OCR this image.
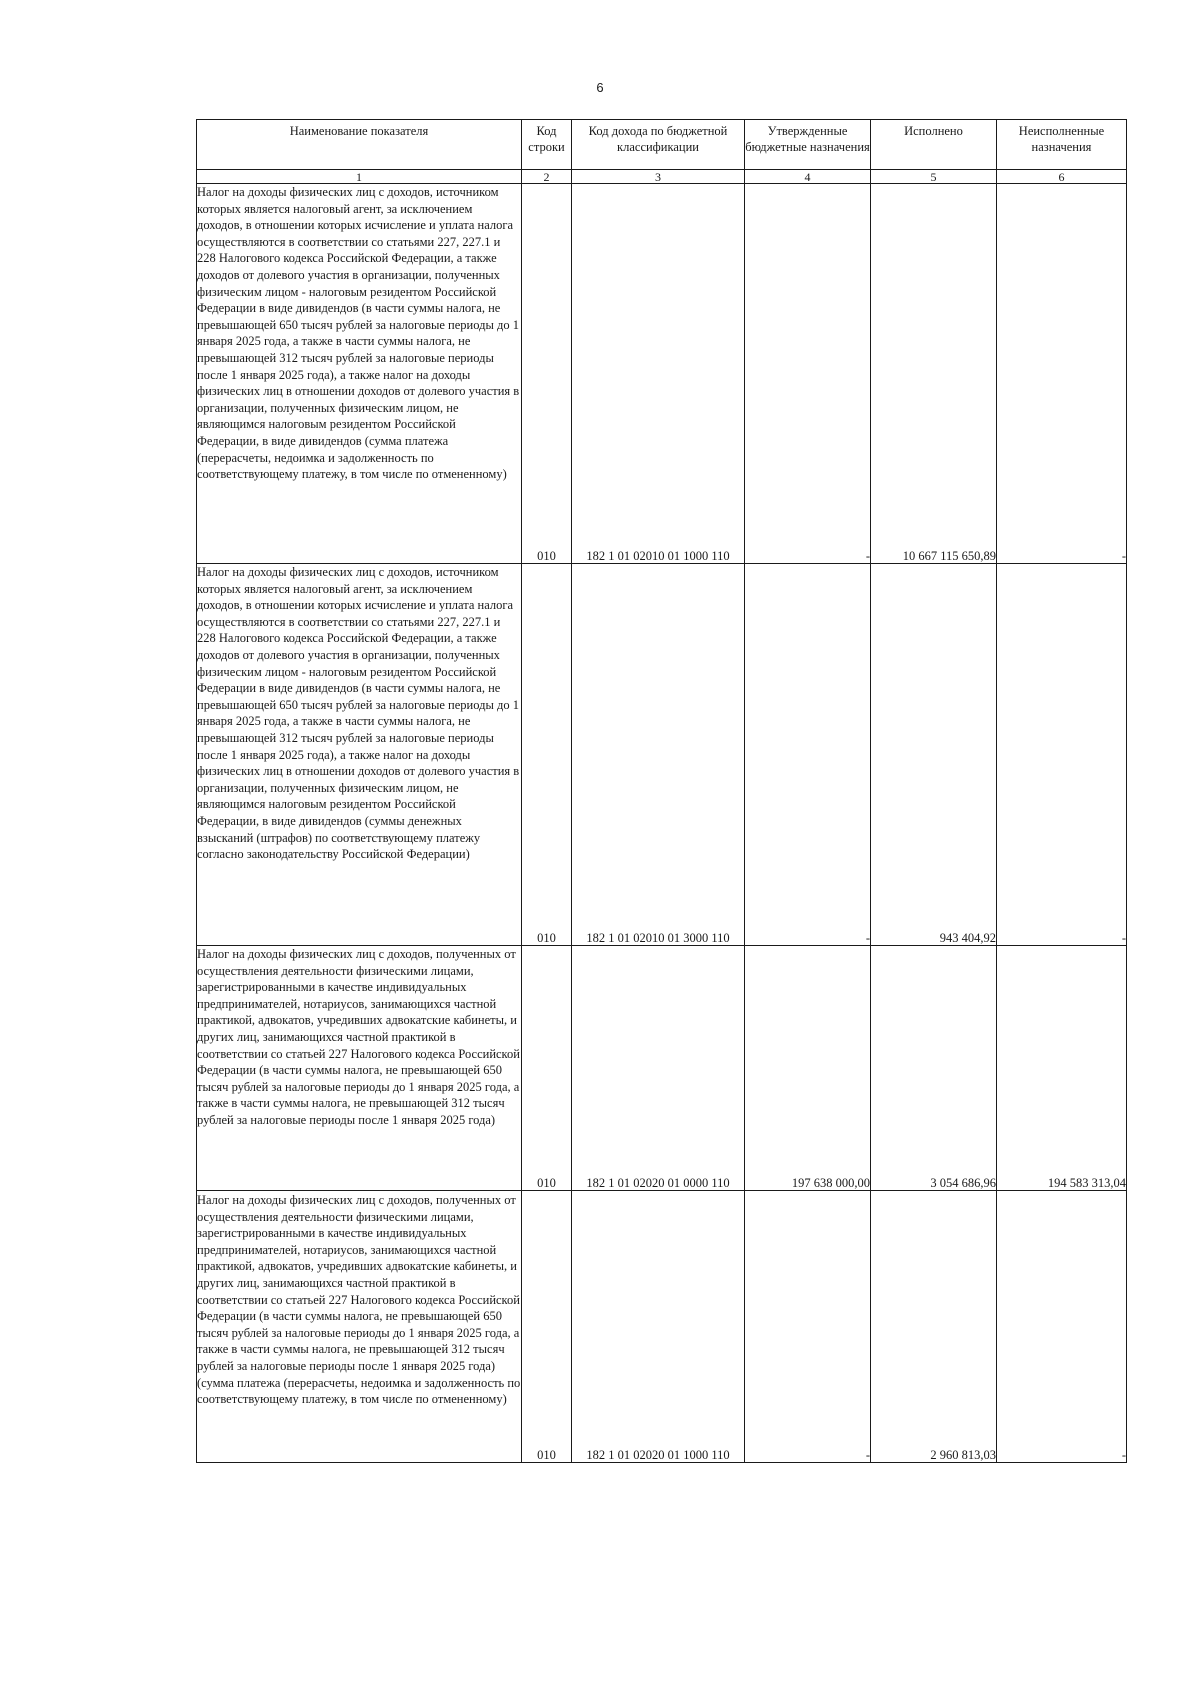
6
Наименование показателя	Код строки	Код дохода по бюджетной классификации	Утвержденные бюджетные назначения	Исполнено	Неисполненные назначения
1	2	3	4	5	6
Налог на доходы физических лиц с доходов, источником которых является налоговый агент, за исключением доходов, в отношении которых исчисление и уплата налога осуществляются в соответствии со статьями 227, 227.1 и 228 Налогового кодекса Российской Федерации, а также доходов от долевого участия в организации, полученных физическим лицом - налоговым резидентом Российской Федерации в виде дивидендов (в части суммы налога, не превышающей 650 тысяч рублей за налоговые периоды до 1 января 2025 года, а также в части суммы налога, не превышающей 312 тысяч рублей за налоговые периоды после 1 января 2025 года), а также налог на доходы физических лиц в отношении доходов от долевого участия в организации, полученных физическим лицом, не являющимся налоговым резидентом Российской Федерации, в виде дивидендов (сумма платежа (перерасчеты, недоимка и задолженность по соответствующему платежу, в том числе по отмененному)	010	182 1 01 02010 01 1000 110	-	10 667 115 650,89	-
Налог на доходы физических лиц с доходов, источником которых является налоговый агент, за исключением доходов, в отношении которых исчисление и уплата налога осуществляются в соответствии со статьями 227, 227.1 и 228 Налогового кодекса Российской Федерации, а также доходов от долевого участия в организации, полученных физическим лицом - налоговым резидентом Российской Федерации в виде дивидендов (в части суммы налога, не превышающей 650 тысяч рублей за налоговые периоды до 1 января 2025 года, а также в части суммы налога, не превышающей 312 тысяч рублей за налоговые периоды после 1 января 2025 года), а также налог на доходы физических лиц в отношении доходов от долевого участия в организации, полученных физическим лицом, не являющимся налоговым резидентом Российской Федерации, в виде дивидендов (суммы денежных взысканий (штрафов) по соответствующему платежу согласно законодательству Российской Федерации)	010	182 1 01 02010 01 3000 110	-	943 404,92	-
Налог на доходы физических лиц с доходов, полученных от осуществления деятельности физическими лицами, зарегистрированными в качестве индивидуальных предпринимателей, нотариусов, занимающихся частной практикой, адвокатов, учредивших адвокатские кабинеты, и других лиц, занимающихся частной практикой в соответствии со статьей 227 Налогового кодекса Российской Федерации (в части суммы налога, не превышающей 650 тысяч рублей за налоговые периоды до 1 января 2025 года, а также в части суммы налога, не превышающей 312 тысяч рублей за налоговые периоды после 1 января 2025 года)	010	182 1 01 02020 01 0000 110	197 638 000,00	3 054 686,96	194 583 313,04
Налог на доходы физических лиц с доходов, полученных от осуществления деятельности физическими лицами, зарегистрированными в качестве индивидуальных предпринимателей, нотариусов, занимающихся частной практикой, адвокатов, учредивших адвокатские кабинеты, и других лиц, занимающихся частной практикой в соответствии со статьей 227 Налогового кодекса Российской Федерации (в части суммы налога, не превышающей 650 тысяч рублей за налоговые периоды до 1 января 2025 года, а также в части суммы налога, не превышающей 312 тысяч рублей за налоговые периоды после 1 января 2025 года) (сумма платежа (перерасчеты, недоимка и задолженность по соответствующему платежу, в том числе по отмененному)	010	182 1 01 02020 01 1000 110	-	2 960 813,03	-
